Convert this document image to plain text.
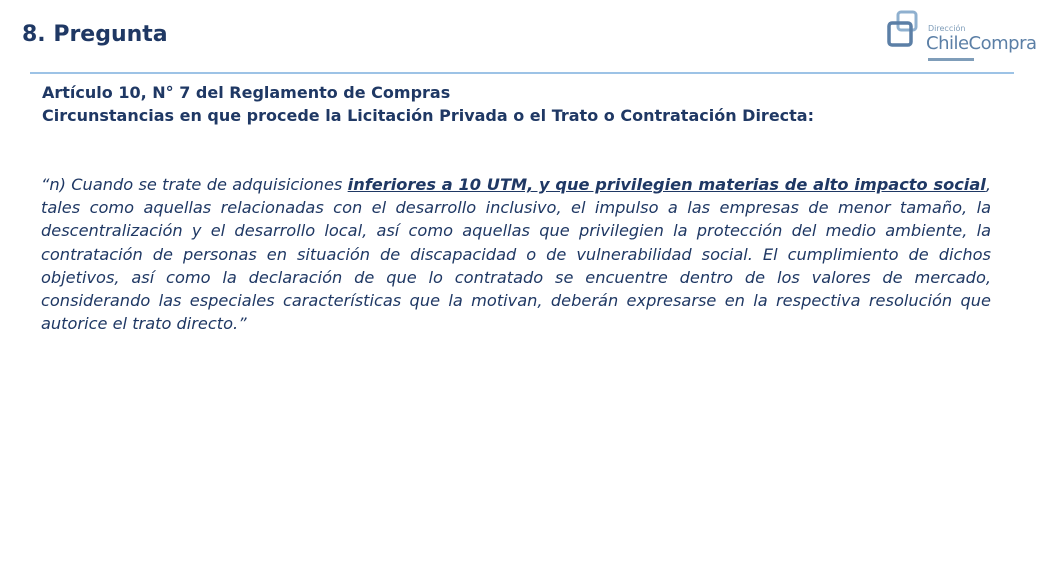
8. Pregunta	Dirección
ChileCompra

Artículo 10, N° 7 del Reglamento de Compras

Circunstancias en que procede la Licitación Privada o el Trato o Contratación Directa:

“n) Cuando se trate de adquisiciones inferiores a 10 UTM, y que privilegien materias de alto impacto social, tales como aquellas relacionadas con el desarrollo inclusivo, el impulso a las empresas de menor tamaño, la descentralización y el desarrollo local, así como aquellas que privilegien la protección del medio ambiente, la contratación de personas en situación de discapacidad o de vulnerabilidad social. El cumplimiento de dichos objetivos, así como la declaración de que lo contratado se encuentre dentro de los valores de mercado, considerando las especiales características que la motivan, deberán expresarse en la respectiva resolución que autorice el trato directo.”
